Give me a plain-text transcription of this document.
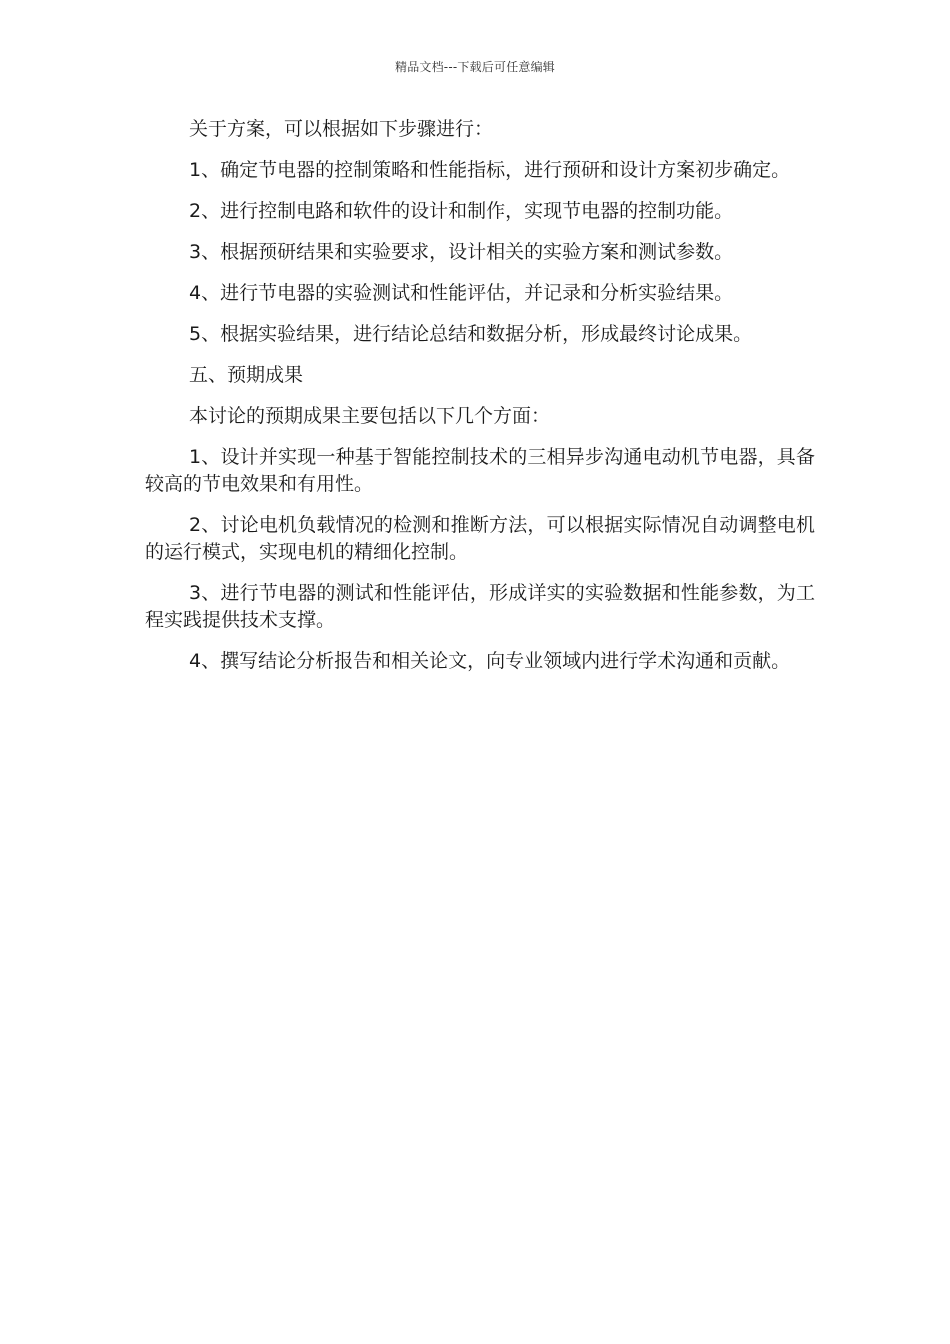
精品文档---下载后可任意编辑

关于方案，可以根据如下步骤进行：

1、确定节电器的控制策略和性能指标，进行预研和设计方案初步确定。

2、进行控制电路和软件的设计和制作，实现节电器的控制功能。

3、根据预研结果和实验要求，设计相关的实验方案和测试参数。

4、进行节电器的实验测试和性能评估，并记录和分析实验结果。

5、根据实验结果，进行结论总结和数据分析，形成最终讨论成果。

五、预期成果

本讨论的预期成果主要包括以下几个方面：

1、设计并实现一种基于智能控制技术的三相异步沟通电动机节电器，具备较高的节电效果和有用性。

2、讨论电机负载情况的检测和推断方法，可以根据实际情况自动调整电机的运行模式，实现电机的精细化控制。

3、进行节电器的测试和性能评估，形成详实的实验数据和性能参数，为工程实践提供技术支撑。

4、撰写结论分析报告和相关论文，向专业领域内进行学术沟通和贡献。
